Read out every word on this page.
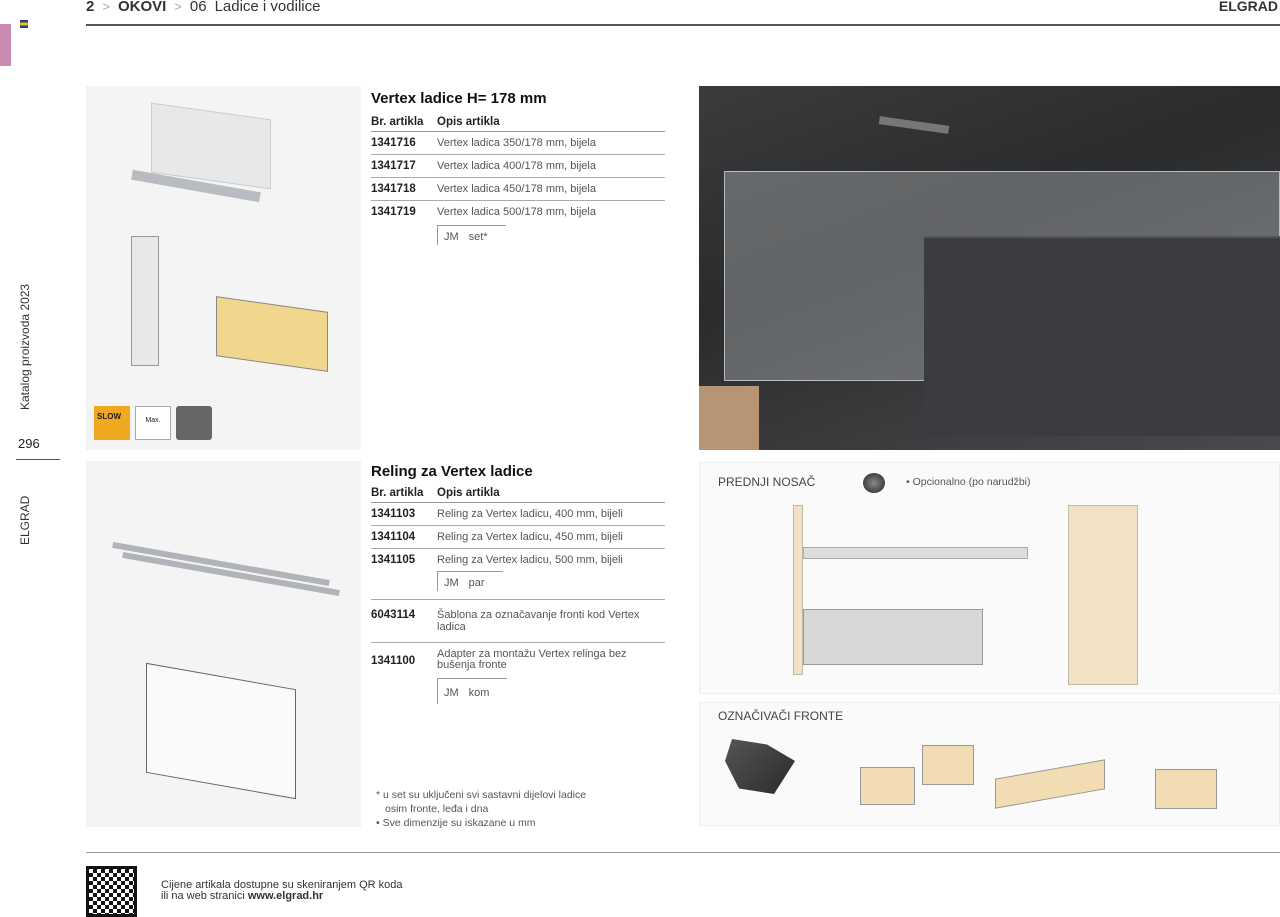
2 > OKOVI > 06 Ladice i vodilice	ELGRAD
Katalog proizvoda 2023
296
ELGRAD
SLOW	Max.
Vertex ladice H= 178 mm
Br. artikla	Opis artikla
1341716	Vertex ladica 350/178 mm, bijela
1341717	Vertex ladica 400/178 mm, bijela
1341718	Vertex ladica 450/178 mm, bijela
1341719	Vertex ladica 500/178 mm, bijela
JM set*
Reling za Vertex ladice
Br. artikla	Opis artikla
1341103	Reling za Vertex ladicu, 400 mm, bijeli
1341104	Reling za Vertex ladicu, 450 mm, bijeli
1341105	Reling za Vertex ladicu, 500 mm, bijeli
JM par
6043114	Šablona za označavanje fronti kod Vertex ladica
1341100	Adapter za montažu Vertex relinga bez bušenja fronte
JM kom
* u set su uključeni svi sastavni dijelovi ladice
osim fronte, leđa i dna
• Sve dimenzije su iskazane u mm
PREDNJI NOSAČ	• Opcionalno (po narudžbi)
OZNAČIVAČI FRONTE
Cijene artikala dostupne su skeniranjem QR koda
ili na web stranici www.elgrad.hr
